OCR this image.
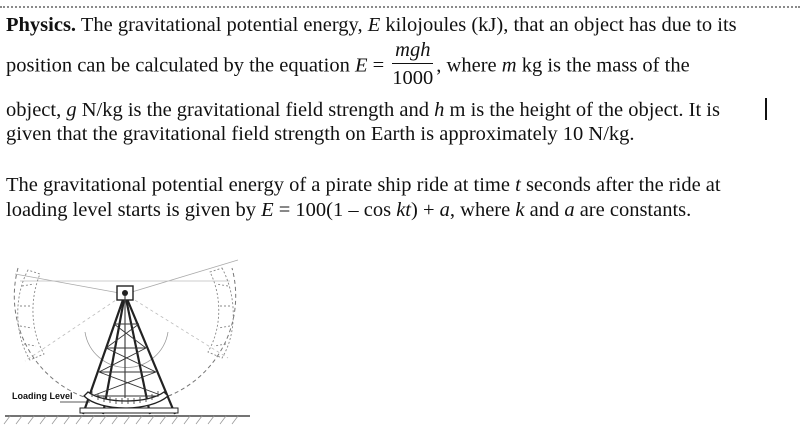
Physics. The gravitational potential energy, E kilojoules (kJ), that an object has due to its
position can be calculated by the equation $E = \frac{\text{mgh}}{1000}$ , where m kg is the mass of the
object, g N/kg is the gravitational field strength and h m is the height of the object. It is
given that the gravitational field strength on Earth is approximately 10 N/kg.
The gravitational potential energy of a pirate ship ride at time t seconds after the ride at
loading level starts is given by E = 100(1 – cos kt) + a, where k and a are constants.
Loading Level
